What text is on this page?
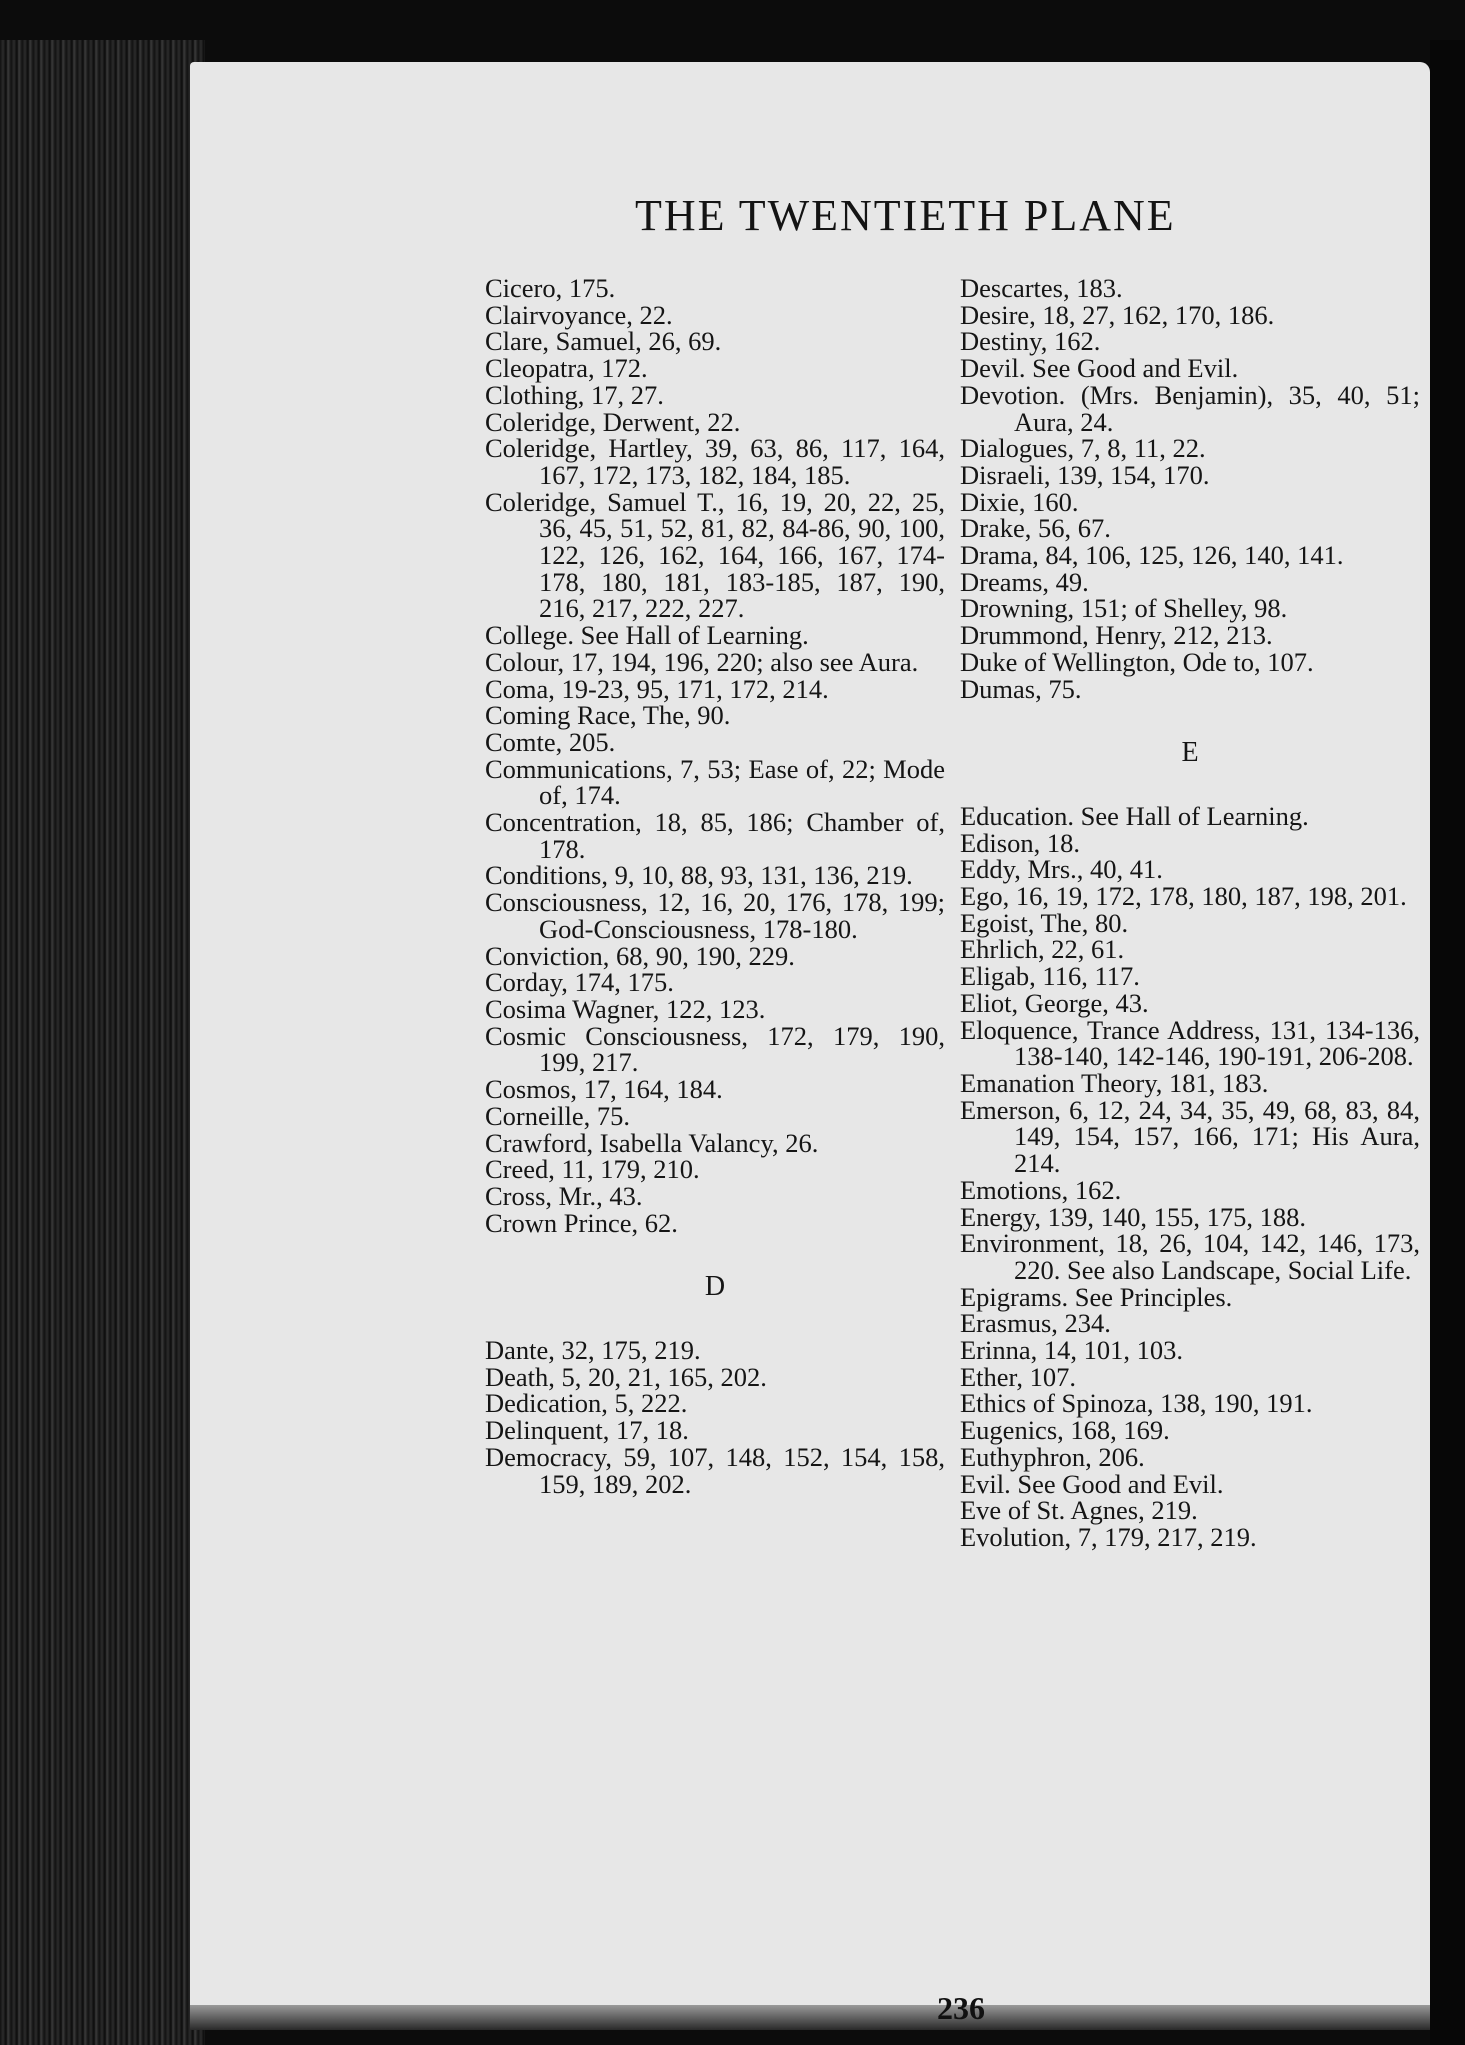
THE TWENTIETH PLANE
Cicero, 175.
Clairvoyance, 22.
Clare, Samuel, 26, 69.
Cleopatra, 172.
Clothing, 17, 27.
Coleridge, Derwent, 22.
Coleridge, Hartley, 39, 63, 86, 117, 164, 167, 172, 173, 182, 184, 185.
Coleridge, Samuel T., 16, 19, 20, 22, 25, 36, 45, 51, 52, 81, 82, 84-86, 90, 100, 122, 126, 162, 164, 166, 167, 174-178, 180, 181, 183-185, 187, 190, 216, 217, 222, 227.
College. See Hall of Learning.
Colour, 17, 194, 196, 220; also see Aura.
Coma, 19-23, 95, 171, 172, 214.
Coming Race, The, 90.
Comte, 205.
Communications, 7, 53; Ease of, 22; Mode of, 174.
Concentration, 18, 85, 186; Chamber of, 178.
Conditions, 9, 10, 88, 93, 131, 136, 219.
Consciousness, 12, 16, 20, 176, 178, 199; God-Consciousness, 178-180.
Conviction, 68, 90, 190, 229.
Corday, 174, 175.
Cosima Wagner, 122, 123.
Cosmic Consciousness, 172, 179, 190, 199, 217.
Cosmos, 17, 164, 184.
Corneille, 75.
Crawford, Isabella Valancy, 26.
Creed, 11, 179, 210.
Cross, Mr., 43.
Crown Prince, 62.
D
Dante, 32, 175, 219.
Death, 5, 20, 21, 165, 202.
Dedication, 5, 222.
Delinquent, 17, 18.
Democracy, 59, 107, 148, 152, 154, 158, 159, 189, 202.
Descartes, 183.
Desire, 18, 27, 162, 170, 186.
Destiny, 162.
Devil. See Good and Evil.
Devotion. (Mrs. Benjamin), 35, 40, 51; Aura, 24.
Dialogues, 7, 8, 11, 22.
Disraeli, 139, 154, 170.
Dixie, 160.
Drake, 56, 67.
Drama, 84, 106, 125, 126, 140, 141.
Dreams, 49.
Drowning, 151; of Shelley, 98.
Drummond, Henry, 212, 213.
Duke of Wellington, Ode to, 107.
Dumas, 75.
E
Education. See Hall of Learning.
Edison, 18.
Eddy, Mrs., 40, 41.
Ego, 16, 19, 172, 178, 180, 187, 198, 201.
Egoist, The, 80.
Ehrlich, 22, 61.
Eligab, 116, 117.
Eliot, George, 43.
Eloquence, Trance Address, 131, 134-136, 138-140, 142-146, 190-191, 206-208.
Emanation Theory, 181, 183.
Emerson, 6, 12, 24, 34, 35, 49, 68, 83, 84, 149, 154, 157, 166, 171; His Aura, 214.
Emotions, 162.
Energy, 139, 140, 155, 175, 188.
Environment, 18, 26, 104, 142, 146, 173, 220. See also Landscape, Social Life.
Epigrams. See Principles.
Erasmus, 234.
Erinna, 14, 101, 103.
Ether, 107.
Ethics of Spinoza, 138, 190, 191.
Eugenics, 168, 169.
Euthyphron, 206.
Evil. See Good and Evil.
Eve of St. Agnes, 219.
Evolution, 7, 179, 217, 219.
236
